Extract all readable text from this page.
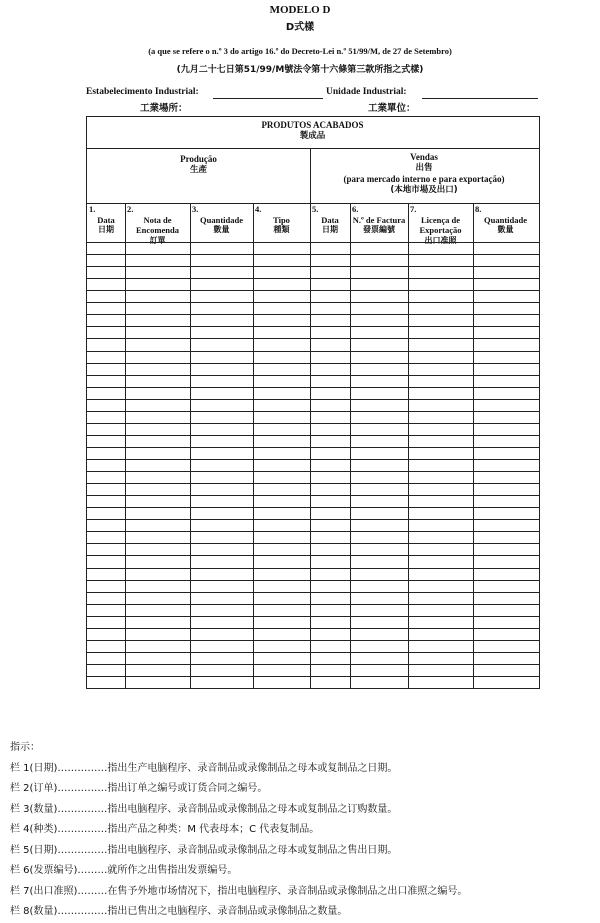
MODELO D
D式樣
(a que se refere o n.º 3 do artigo 16.º do Decreto-Lei n.º 51/99/M, de 27 de Setembro)
(九月二十七日第51/99/M號法令第十六條第三款所指之式樣)
Estabelecimento Industrial:	Unidade Industrial:
工業場所：	工業單位：
PRODUTOS ACABADOS
製成品
Produção
生產
Vendas
出售
(para mercado interno e para exportação)
(本地市場及出口)
1.
Data
日期
2.
Nota de Encomenda
訂單
3.
Quantidade
數量
4.
Tipo
種類
5.
Data
日期
6.
N.º de Factura
發票編號
7.
Licença de Exportação
出口准照
8.
Quantidade
數量
指示：
栏 1(日期)……………指出生产电脑程序、录音制品或录像制品之母本或复制品之日期。
栏 2(订单)……………指出订单之编号或订货合同之编号。
栏 3(数量)……………指出电脑程序、录音制品或录像制品之母本或复制品之订购数量。
栏 4(种类)……………指出产品之种类：M 代表母本；C 代表复制品。
栏 5(日期)……………指出电脑程序、录音制品或录像制品之母本或复制品之售出日期。
栏 6(发票编号)………就所作之出售指出发票编号。
栏 7(出口准照)………在售予外地市场情况下，指出电脑程序、录音制品或录像制品之出口准照之编号。
栏 8(数量)……………指出已售出之电脑程序、录音制品或录像制品之数量。
